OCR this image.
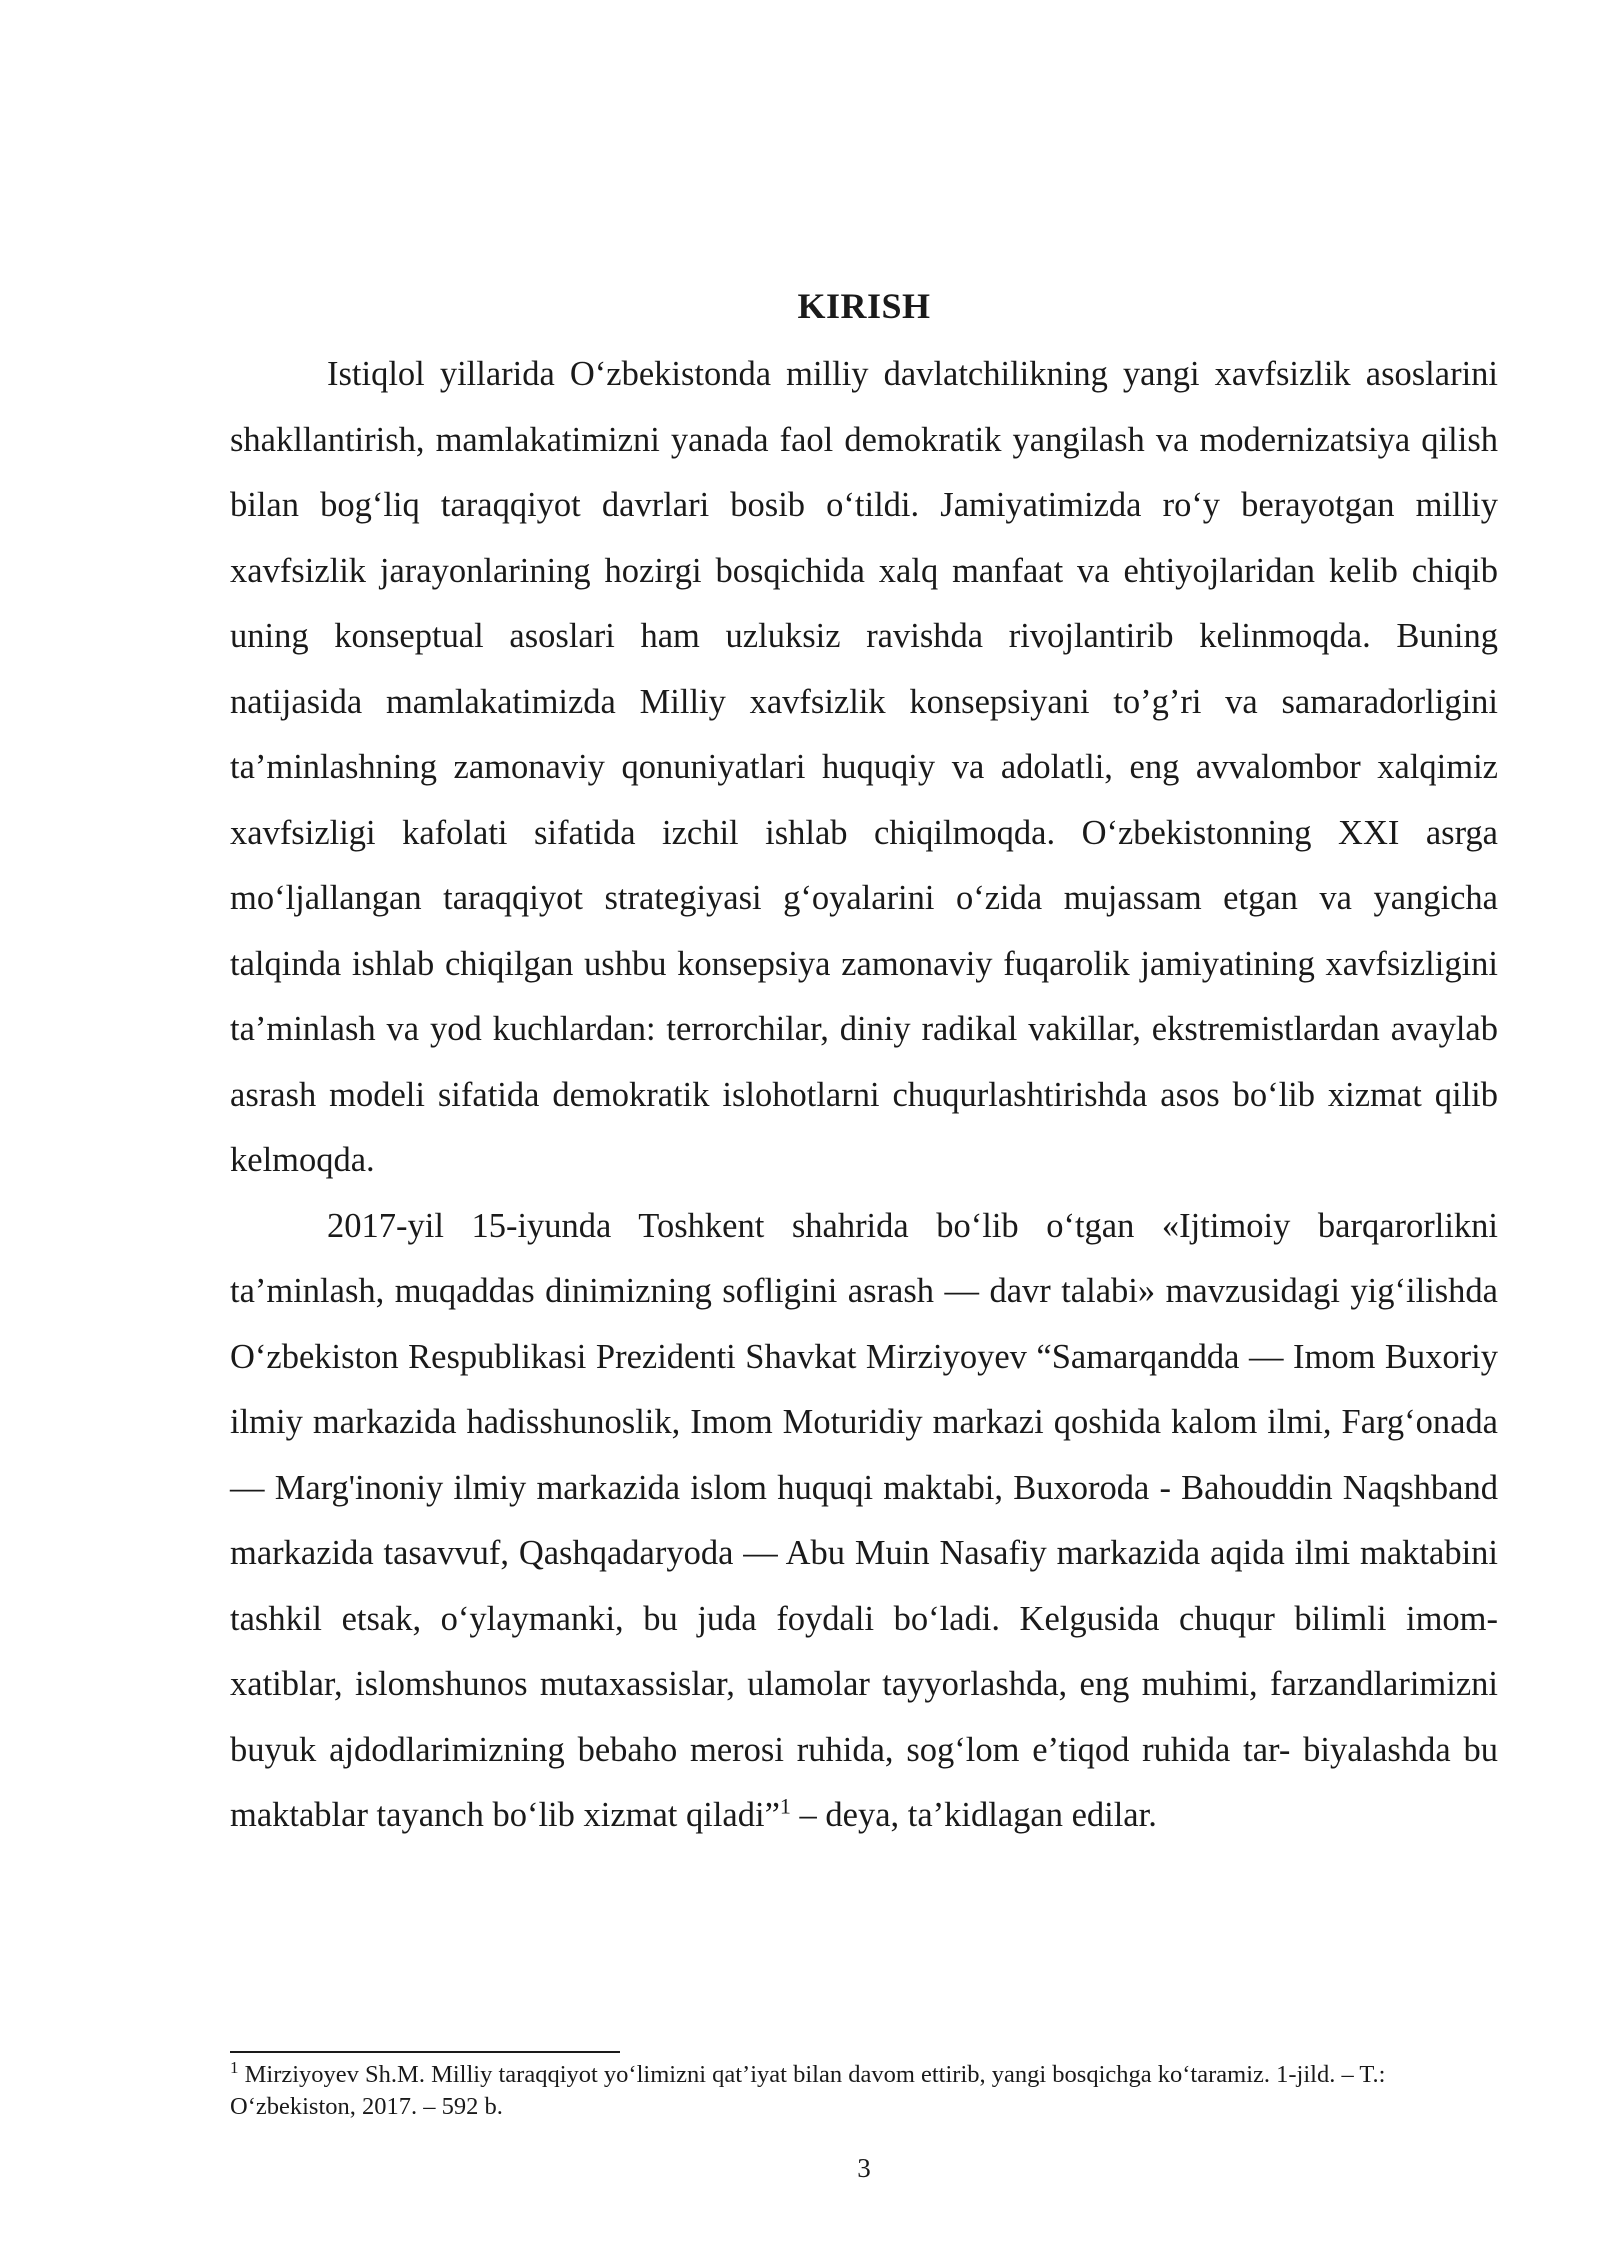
KIRISH

Istiqlol yillarida O‘zbekistonda milliy davlatchilikning yangi xavfsizlik asoslarini shakllantirish, mamlakatimizni yanada faol demokratik yangilash va modernizatsiya qilish bilan bog‘liq taraqqiyot davrlari bosib o‘tildi. Jamiyatimizda ro‘y berayotgan milliy xavfsizlik jarayonlarining hozirgi bosqichida xalq manfaat va ehtiyojlaridan kelib chiqib uning konseptual asoslari ham uzluksiz ravishda rivojlantirib kelinmoqda. Buning natijasida mamlakatimizda Milliy xavfsizlik konsepsiyani to’g’ri va samaradorligini ta’minlashning zamonaviy qonuniyatlari huquqiy va adolatli, eng avvalombor xalqimiz xavfsizligi kafolati sifatida izchil ishlab chiqilmoqda. O‘zbekistonning XXI asrga mo‘ljallangan taraqqiyot strategiyasi g‘oyalarini o‘zida mujassam etgan va yangicha talqinda ishlab chiqilgan ushbu konsepsiya zamonaviy fuqarolik jamiyatining xavfsizligini ta’minlash va yod kuchlardan: terrorchilar, diniy radikal vakillar, ekstremistlardan avaylab asrash modeli sifatida demokratik islohotlarni chuqurlashtirishda asos bo‘lib xizmat qilib kelmoqda.

2017-yil 15-iyunda Toshkent shahrida bo‘lib o‘tgan «Ijtimoiy barqarorlikni ta’minlash, muqaddas dinimizning sofligini asrash — davr talabi» mavzusidagi yig‘ilishda O‘zbekiston Respublikasi Prezidenti Shavkat Mirziyoyev “Samarqandda — Imom Buxoriy ilmiy markazida hadisshunoslik, Imom Moturidiy markazi qoshida kalom ilmi, Farg‘onada — Marg'inoniy ilmiy markazida islom huquqi maktabi, Buxoroda - Bahouddin Naqshband markazida tasavvuf, Qashqadaryoda — Abu Muin Nasafiy markazida aqida ilmi maktabini tashkil etsak, o‘ylaymanki, bu juda foydali bo‘ladi. Kelgusida chuqur bilimli imom-xatiblar, islomshunos mutaxassislar, ulamolar tayyorlashda, eng muhimi, farzandlarimizni buyuk ajdodlarimizning bebaho merosi ruhida, sog‘lom e’tiqod ruhida tar- biyalashda bu maktablar tayanch bo‘lib xizmat qiladi”$^1$ – deya, ta’kidlagan edilar.

$^1$ Mirziyoyev Sh.M. Milliy taraqqiyot yo‘limizni qat’iyat bilan davom ettirib, yangi bosqichga ko‘taramiz. 1-jild. – T.: O‘zbekiston, 2017. – 592 b.

3
